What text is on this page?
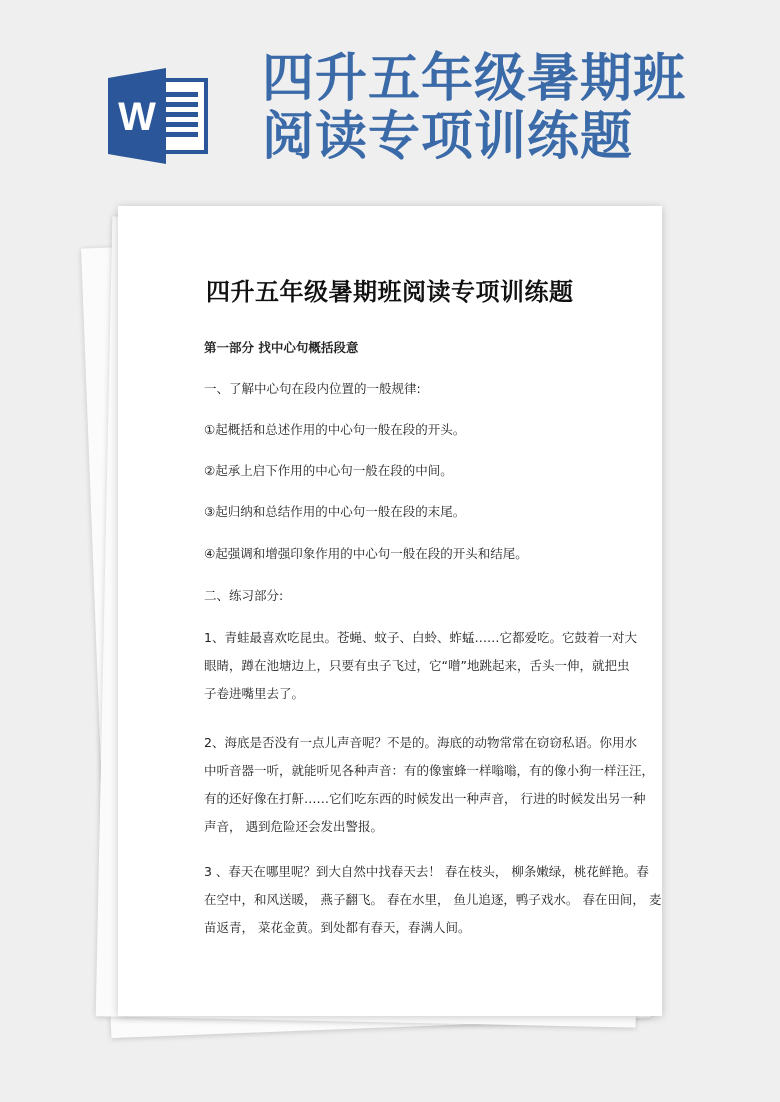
W
四升五年级暑期班
阅读专项训练题
四升五年级暑期班阅读专项训练题
第一部分 找中心句概括段意
一、了解中心句在段内位置的一般规律:
①起概括和总述作用的中心句一般在段的开头。
②起承上启下作用的中心句一般在段的中间。
③起归纳和总结作用的中心句一般在段的末尾。
④起强调和增强印象作用的中心句一般在段的开头和结尾。
二、练习部分:
1、青蛙最喜欢吃昆虫。苍蝇、蚊子、白蛉、蚱蜢……它都爱吃。它鼓着一对大
眼睛，蹲在池塘边上，只要有虫子飞过，它“噌”地跳起来，舌头一伸，就把虫
子卷进嘴里去了。
2、海底是否没有一点儿声音呢？不是的。海底的动物常常在窃窃私语。你用水
中听音器一听，就能听见各种声音：有的像蜜蜂一样嗡嗡，有的像小狗一样汪汪，
有的还好像在打鼾……它们吃东西的时候发出一种声音， 行进的时候发出另一种
声音， 遇到危险还会发出警报。
3 、春天在哪里呢？到大自然中找春天去！ 春在枝头， 柳条嫩绿，桃花鲜艳。春
在空中，和风送暖， 燕子翻飞。 春在水里， 鱼儿追逐，鸭子戏水。 春在田间， 麦
苗返青， 菜花金黄。到处都有春天，春满人间。
